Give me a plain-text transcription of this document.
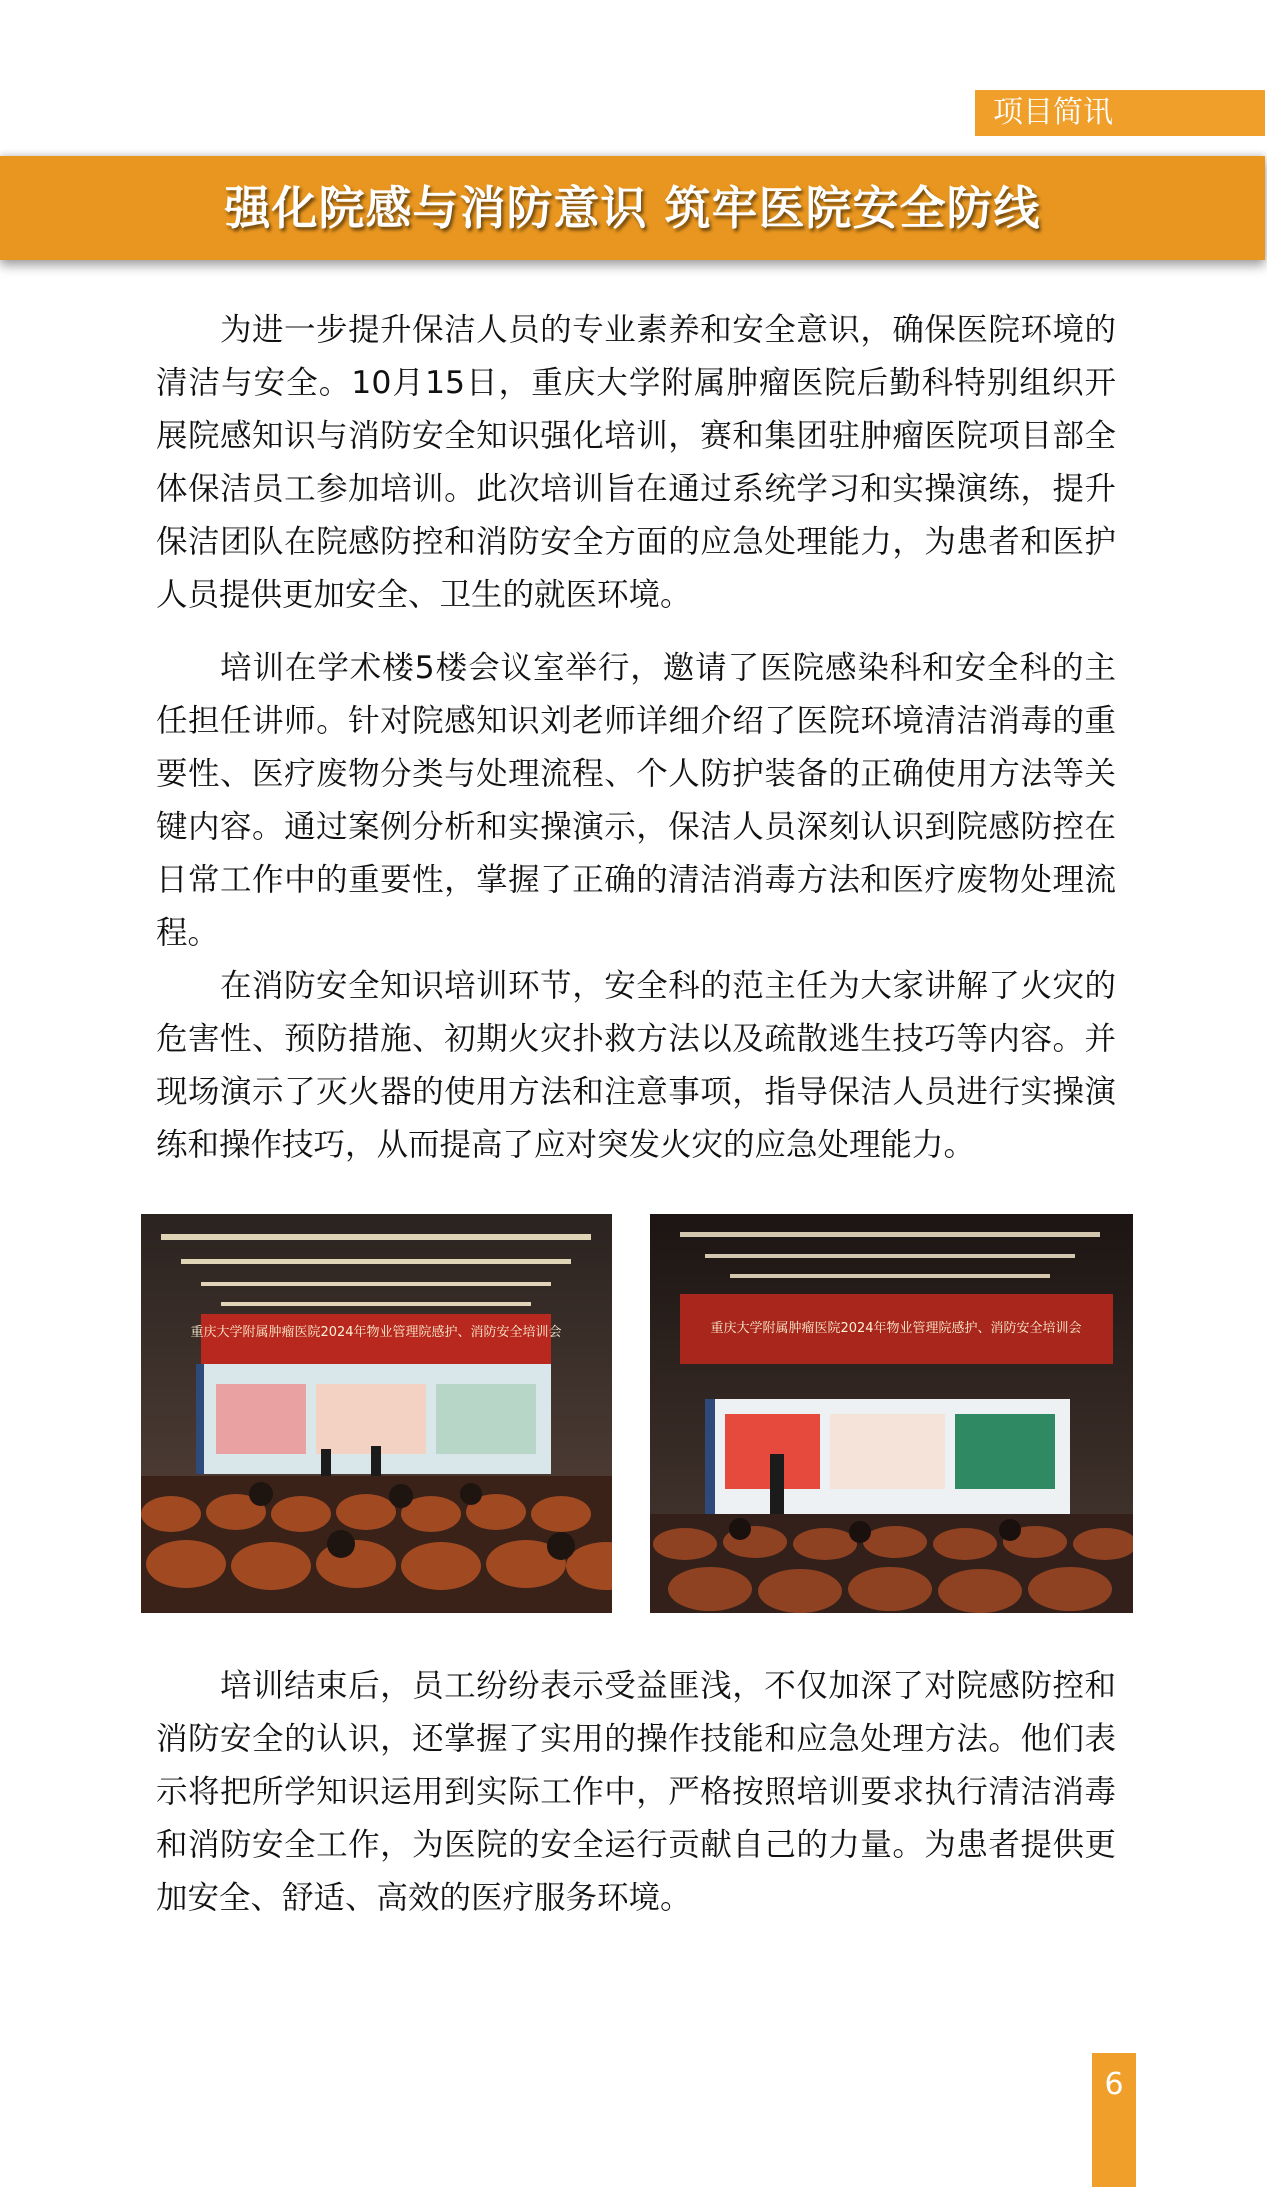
项目简讯
强化院感与消防意识 筑牢医院安全防线

为进一步提升保洁人员的专业素养和安全意识，确保医院环境的清洁与安全。10月15日，重庆大学附属肿瘤医院后勤科特别组织开展院感知识与消防安全知识强化培训，赛和集团驻肿瘤医院项目部全体保洁员工参加培训。此次培训旨在通过系统学习和实操演练，提升保洁团队在院感防控和消防安全方面的应急处理能力，为患者和医护人员提供更加安全、卫生的就医环境。

培训在学术楼5楼会议室举行，邀请了医院感染科和安全科的主任担任讲师。针对院感知识刘老师详细介绍了医院环境清洁消毒的重要性、医疗废物分类与处理流程、个人防护装备的正确使用方法等关键内容。通过案例分析和实操演示，保洁人员深刻认识到院感防控在日常工作中的重要性，掌握了正确的清洁消毒方法和医疗废物处理流程。

在消防安全知识培训环节，安全科的范主任为大家讲解了火灾的危害性、预防措施、初期火灾扑救方法以及疏散逃生技巧等内容。并现场演示了灭火器的使用方法和注意事项，指导保洁人员进行实操演练和操作技巧，从而提高了应对突发火灾的应急处理能力。

重庆大学附属肿瘤医院2024年物业管理院感护、消防安全培训会	重庆大学附属肿瘤医院2024年物业管理院感护、消防安全培训会

培训结束后，员工纷纷表示受益匪浅，不仅加深了对院感防控和消防安全的认识，还掌握了实用的操作技能和应急处理方法。他们表示将把所学知识运用到实际工作中，严格按照培训要求执行清洁消毒和消防安全工作，为医院的安全运行贡献自己的力量。为患者提供更加安全、舒适、高效的医疗服务环境。

6
